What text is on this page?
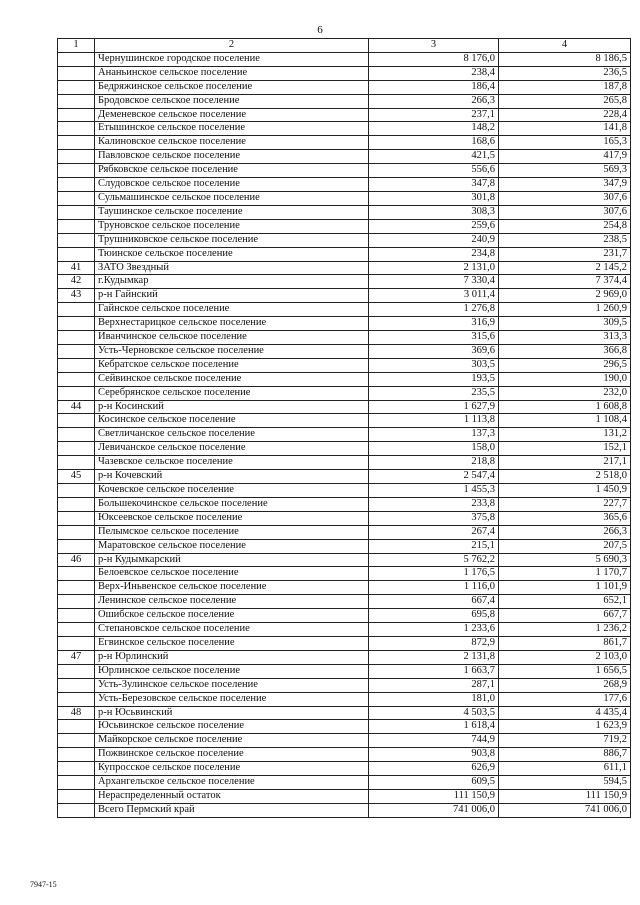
6
1	2	3	4
	Чернушинское городское поселение	8 176,0	8 186,5
	Ананьинское сельское поселение	238,4	236,5
	Бедряжинское сельское поселение	186,4	187,8
	Бродовское сельское поселение	266,3	265,8
	Деменевское сельское поселение	237,1	228,4
	Етышинское сельское поселение	148,2	141,8
	Калиновское сельское поселение	168,6	165,3
	Павловское сельское поселение	421,5	417,9
	Рябковское сельское поселение	556,6	569,3
	Слудовское сельское поселение	347,8	347,9
	Сульмашинское сельское поселение	301,8	307,6
	Таушинское сельское поселение	308,3	307,6
	Труновское сельское поселение	259,6	254,8
	Трушниковское сельское поселение	240,9	238,5
	Тюинское сельское поселение	234,8	231,7
41	ЗАТО Звездный	2 131,0	2 145,2
42	г.Кудымкар	7 330,4	7 374,4
43	р-н Гайнский	3 011,4	2 969,0
	Гайнское сельское поселение	1 276,8	1 260,9
	Верхнестарицкое сельское поселение	316,9	309,5
	Иванчинское сельское поселение	315,6	313,3
	Усть-Черновское сельское поселение	369,6	366,8
	Кебратское сельское поселение	303,5	296,5
	Сейвинское сельское поселение	193,5	190,0
	Серебрянское сельское поселение	235,5	232,0
44	р-н Косинский	1 627,9	1 608,8
	Косинское сельское поселение	1 113,8	1 108,4
	Светличанское сельское поселение	137,3	131,2
	Левичанское сельское поселение	158,0	152,1
	Чазевское сельское поселение	218,8	217,1
45	р-н Кочевский	2 547,4	2 518,0
	Кочевское сельское поселение	1 455,3	1 450,9
	Большекочинское сельское поселение	233,8	227,7
	Юксеевское сельское поселение	375,8	365,6
	Пелымское сельское поселение	267,4	266,3
	Маратовское сельское поселение	215,1	207,5
46	р-н Кудымкарский	5 762,2	5 690,3
	Белоевское сельское поселение	1 176,5	1 170,7
	Верх-Иньвенское сельское поселение	1 116,0	1 101,9
	Ленинское сельское поселение	667,4	652,1
	Ошибское сельское поселение	695,8	667,7
	Степановское сельское поселение	1 233,6	1 236,2
	Егвинское сельское поселение	872,9	861,7
47	р-н Юрлинский	2 131,8	2 103,0
	Юрлинское сельское поселение	1 663,7	1 656,5
	Усть-Зулинское сельское поселение	287,1	268,9
	Усть-Березовское сельское поселение	181,0	177,6
48	р-н Юсьвинский	4 503,5	4 435,4
	Юсьвинское сельское поселение	1 618,4	1 623,9
	Майкорское сельское поселение	744,9	719,2
	Пожвинское сельское поселение	903,8	886,7
	Купросское сельское поселение	626,9	611,1
	Архангельское сельское поселение	609,5	594,5
	Нераспределенный остаток	111 150,9	111 150,9
	Всего Пермский край	741 006,0	741 006,0
7947-15
